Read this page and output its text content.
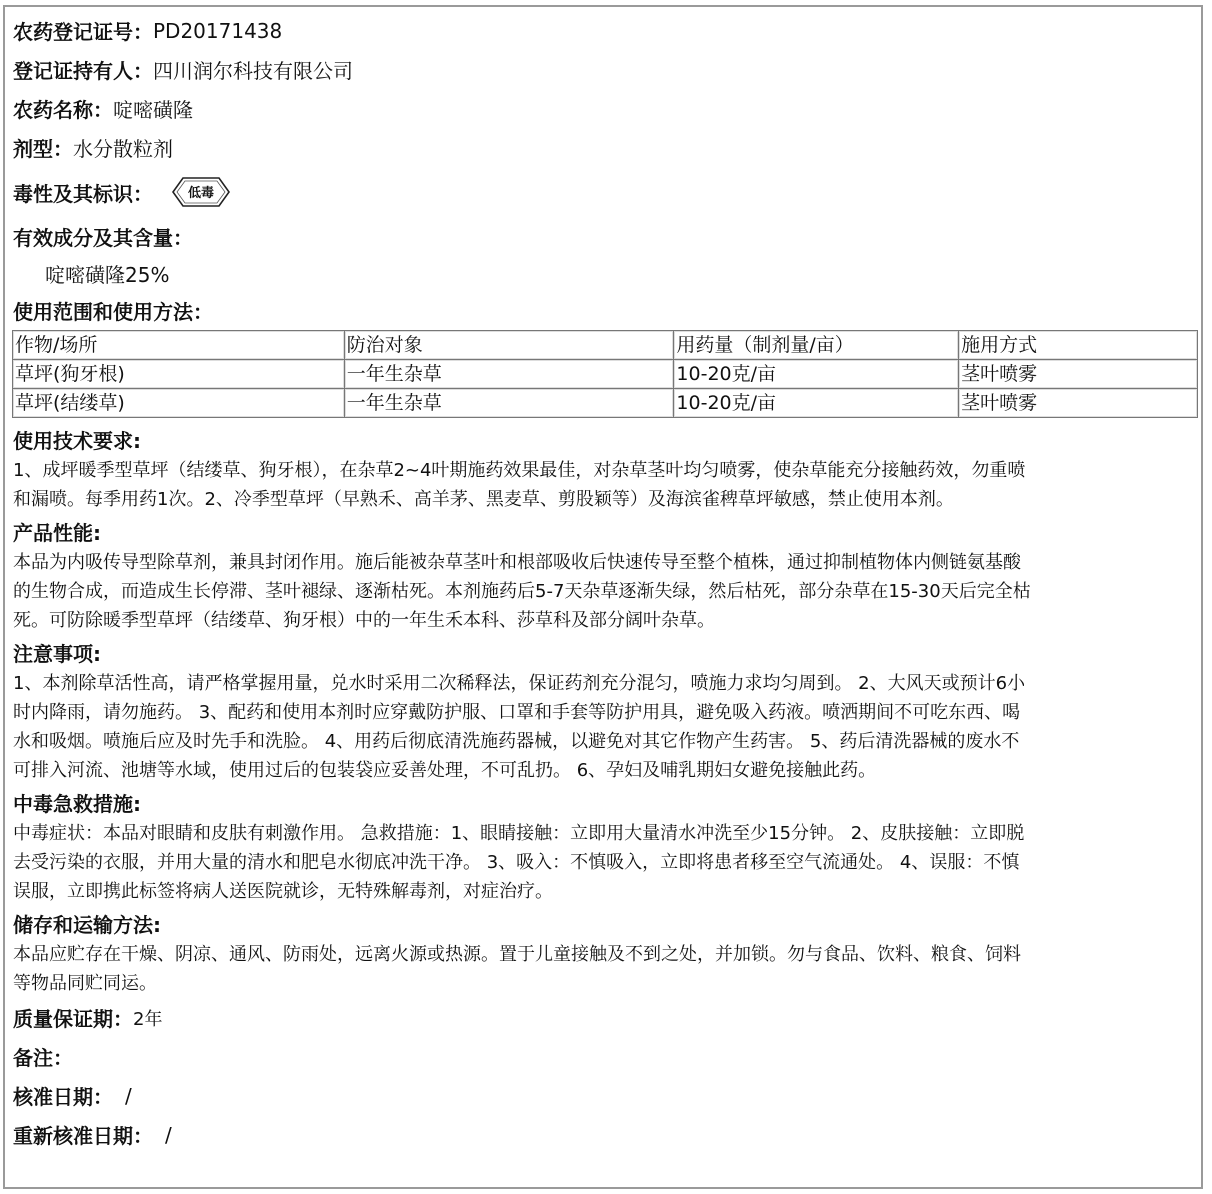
农药登记证号： PD20171438
登记证持有人： 四川润尔科技有限公司
农药名称： 啶嘧磺隆
剂型： 水分散粒剂
毒性及其标识：	低毒
有效成分及其含量：
啶嘧磺隆25%
使用范围和使用方法：
作物/场所	防治对象	用药量（制剂量/亩）	施用方式
草坪(狗牙根)	一年生杂草	10-20克/亩	茎叶喷雾
草坪(结缕草)	一年生杂草	10-20克/亩	茎叶喷雾
使用技术要求:
1、成坪暖季型草坪（结缕草、狗牙根），在杂草2~4叶期施药效果最佳，对杂草茎叶均匀喷雾，使杂草能充分接触药效，勿重喷
和漏喷。每季用药1次。2、冷季型草坪（早熟禾、高羊茅、黑麦草、剪股颖等）及海滨雀稗草坪敏感，禁止使用本剂。
产品性能:
本品为内吸传导型除草剂，兼具封闭作用。施后能被杂草茎叶和根部吸收后快速传导至整个植株，通过抑制植物体内侧链氨基酸
的生物合成，而造成生长停滞、茎叶褪绿、逐渐枯死。本剂施药后5-7天杂草逐渐失绿，然后枯死，部分杂草在15-30天后完全枯
死。可防除暖季型草坪（结缕草、狗牙根）中的一年生禾本科、莎草科及部分阔叶杂草。
注意事项:
1、本剂除草活性高，请严格掌握用量，兑水时采用二次稀释法，保证药剂充分混匀，喷施力求均匀周到。 2、大风天或预计6小
时内降雨，请勿施药。 3、配药和使用本剂时应穿戴防护服、口罩和手套等防护用具，避免吸入药液。喷洒期间不可吃东西、喝
水和吸烟。喷施后应及时先手和洗脸。 4、用药后彻底清洗施药器械，以避免对其它作物产生药害。 5、药后清洗器械的废水不
可排入河流、池塘等水域，使用过后的包装袋应妥善处理，不可乱扔。 6、孕妇及哺乳期妇女避免接触此药。
中毒急救措施:
中毒症状：本品对眼睛和皮肤有刺激作用。 急救措施：1、眼睛接触：立即用大量清水冲洗至少15分钟。 2、皮肤接触：立即脱
去受污染的衣服，并用大量的清水和肥皂水彻底冲洗干净。 3、吸入：不慎吸入，立即将患者移至空气流通处。 4、误服：不慎
误服，立即携此标签将病人送医院就诊，无特殊解毒剂，对症治疗。
储存和运输方法:
本品应贮存在干燥、阴凉、通风、防雨处，远离火源或热源。置于儿童接触及不到之处，并加锁。勿与食品、饮料、粮食、饲料
等物品同贮同运。
质量保证期： 2年
备注：
核准日期： /
重新核准日期： /
